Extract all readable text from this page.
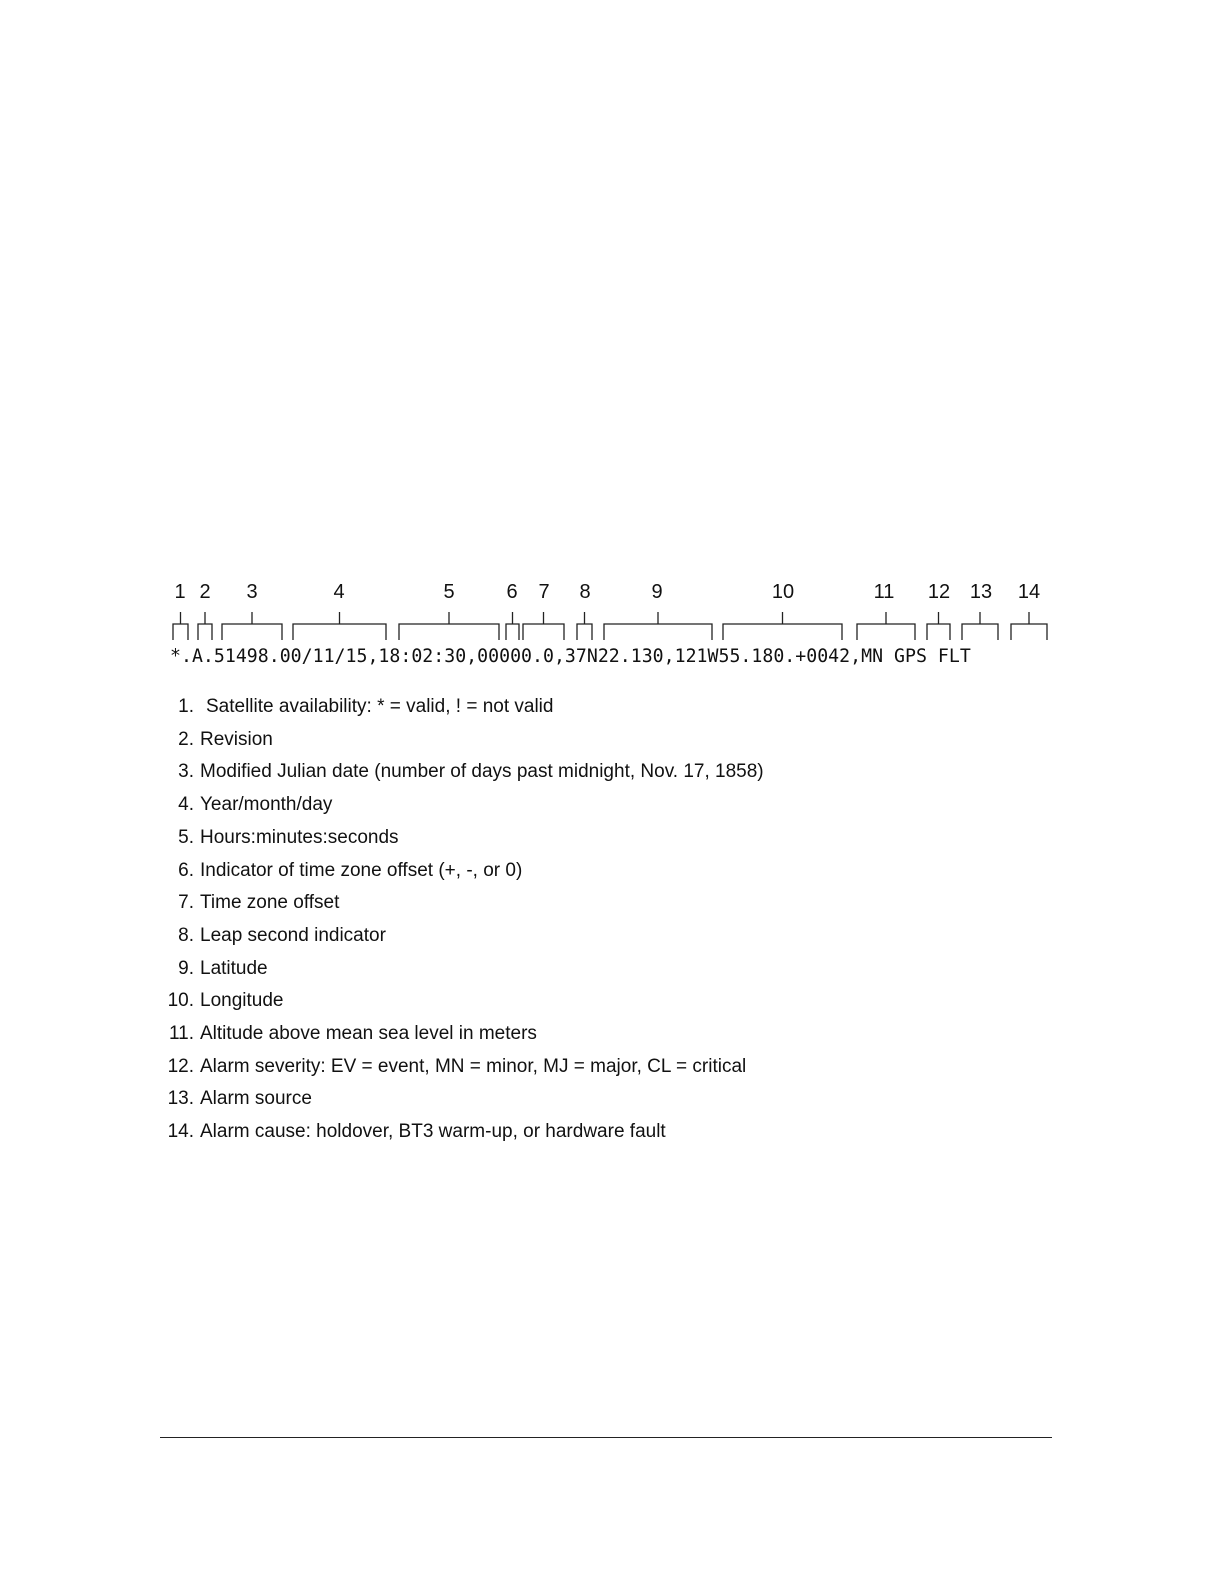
1 2 3	4	5	6 7 8	9	10	11 12 13 14
*.A.51498.00/11/15,18:02:30,00000.0,37N22.130,121W55.180.+0042,MN GPS FLT
1. Satellite availability: * = valid, ! = not valid
2. Revision
3. Modified Julian date (number of days past midnight, Nov. 17, 1858)
4. Year/month/day
5. Hours:minutes:seconds
6. Indicator of time zone offset (+, -, or 0)
7. Time zone offset
8. Leap second indicator
9. Latitude
10. Longitude
11. Altitude above mean sea level in meters
12. Alarm severity: EV = event, MN = minor, MJ = major, CL = critical
13. Alarm source
14. Alarm cause: holdover, BT3 warm-up, or hardware fault
